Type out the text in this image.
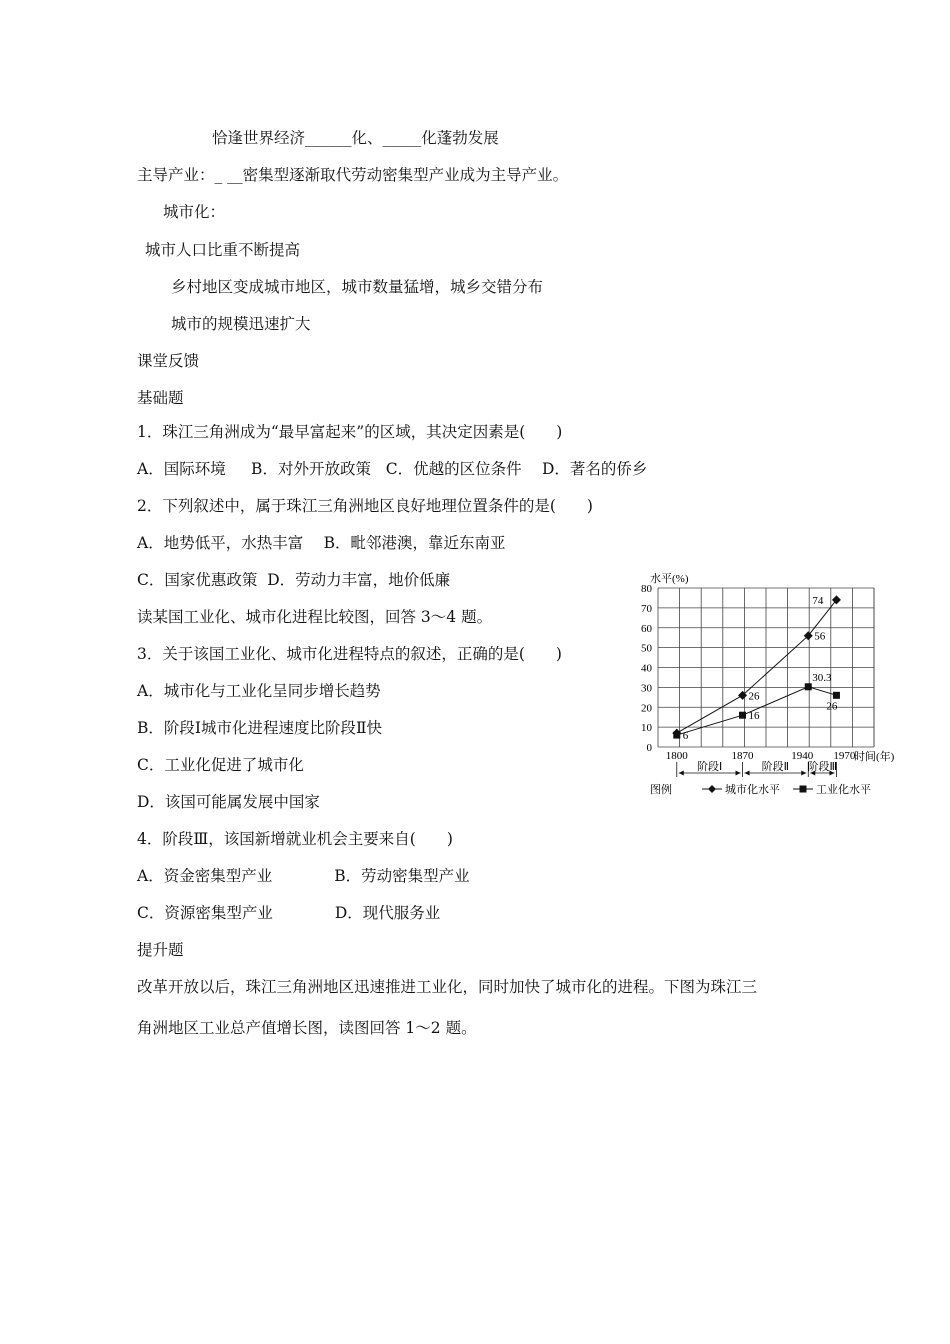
恰逢世界经济______化、_____化蓬勃发展
主导产业：_ __密集型逐渐取代劳动密集型产业成为主导产业。
城市化：
城市人口比重不断提高
乡村地区变成城市地区，城市数量猛增，城乡交错分布
城市的规模迅速扩大
课堂反馈
基础题
1．珠江三角洲成为“最早富起来”的区域，其决定因素是(　　)
A．国际环境　  B．对外开放政策   C．优越的区位条件　 D．著名的侨乡
2．下列叙述中，属于珠江三角洲地区良好地理位置条件的是(　　)
A．地势低平，水热丰富　 B．毗邻港澳，靠近东南亚
C．国家优惠政策  D．劳动力丰富，地价低廉
读某国工业化、城市化进程比较图，回答 3～4 题。
3．关于该国工业化、城市化进程特点的叙述，正确的是(　　)
A．城市化与工业化呈同步增长趋势
B．阶段Ⅰ城市化进程速度比阶段Ⅱ快
C．工业化促进了城市化
D．该国可能属发展中国家
4．阶段Ⅲ，该国新增就业机会主要来自(　　)
A．资金密集型产业　　　　B．劳动密集型产业
C．资源密集型产业　　　　D．现代服务业
提升题
改革开放以后，珠江三角洲地区迅速推进工业化，同时加快了城市化的进程。下图为珠江三
角洲地区工业总产值增长图，读图回答 1～2 题。
水平(%)
时间(年)
0
10
20
30
40
50
60
70
80
1800	1870	1940 1970
26
56
74
6
16
30.3
26
阶段Ⅰ	阶段Ⅱ 阶段Ⅲ
图例	城市化水平	工业化水平
